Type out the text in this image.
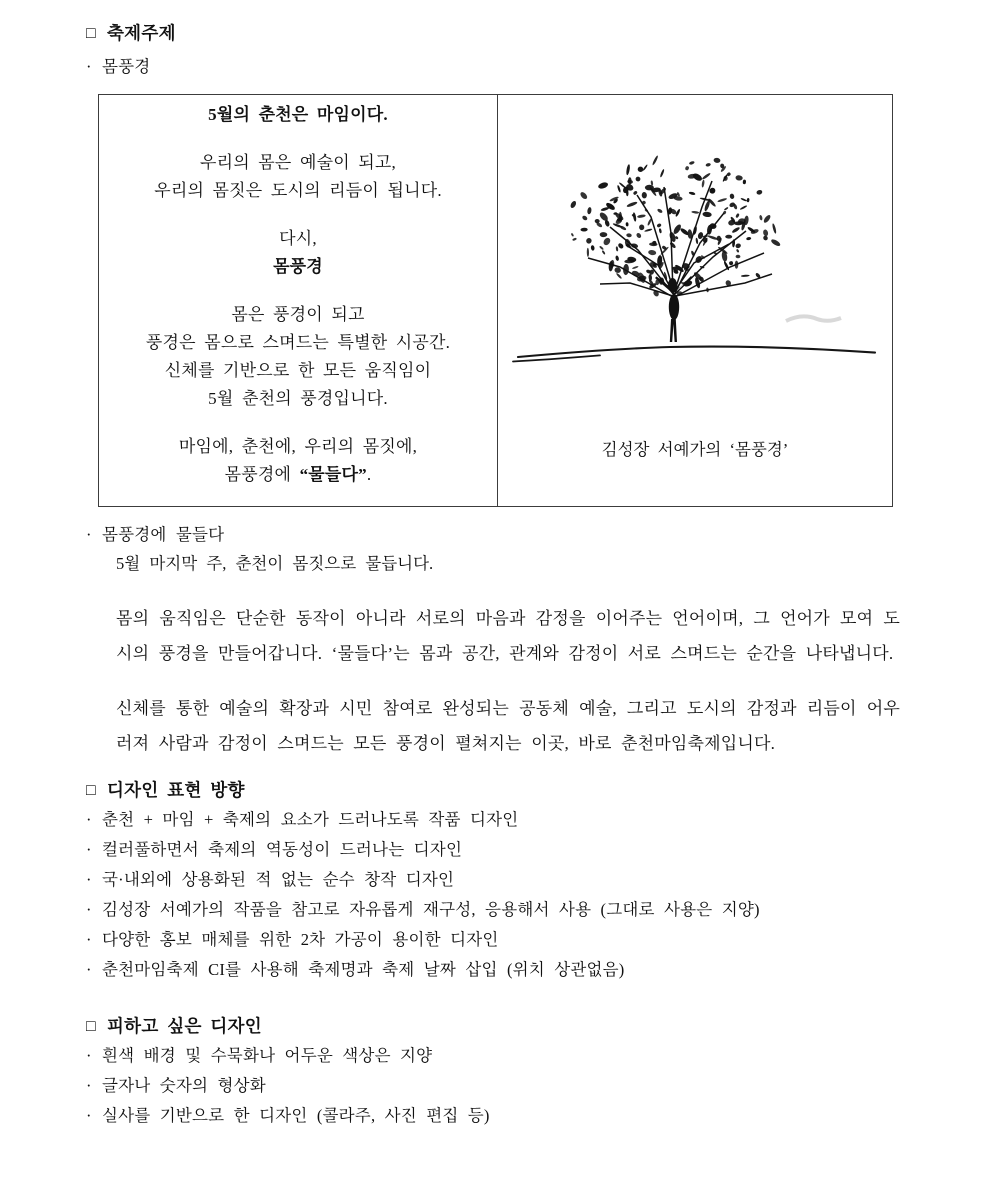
□ 축제주제
· 몸풍경
5월의 춘천은 마임이다.
우리의 몸은 예술이 되고,
우리의 몸짓은 도시의 리듬이 됩니다.
다시,
몸풍경
몸은 풍경이 되고
풍경은 몸으로 스며드는 특별한 시공간.
신체를 기반으로 한 모든 움직임이
5월 춘천의 풍경입니다.
마임에, 춘천에, 우리의 몸짓에,
몸풍경에 “물들다”.
김성장 서예가의 ‘몸풍경’
· 몸풍경에 물들다
5월 마지막 주, 춘천이 몸짓으로 물듭니다.

몸의 움직임은 단순한 동작이 아니라 서로의 마음과 감정을 이어주는 언어이며, 그 언어가 모여 도시의 풍경을 만들어갑니다. ‘물들다’는 몸과 공간, 관계와 감정이 서로 스며드는 순간을 나타냅니다.

신체를 통한 예술의 확장과 시민 참여로 완성되는 공동체 예술, 그리고 도시의 감정과 리듬이 어우러져 사람과 감정이 스며드는 모든 풍경이 펼쳐지는 이곳, 바로 춘천마임축제입니다.

□ 디자인 표현 방향
· 춘천 + 마임 + 축제의 요소가 드러나도록 작품 디자인
· 컬러풀하면서 축제의 역동성이 드러나는 디자인
· 국·내외에 상용화된 적 없는 순수 창작 디자인
· 김성장 서예가의 작품을 참고로 자유롭게 재구성, 응용해서 사용 (그대로 사용은 지양)
· 다양한 홍보 매체를 위한 2차 가공이 용이한 디자인
· 춘천마임축제 CI를 사용해 축제명과 축제 날짜 삽입 (위치 상관없음)
□ 피하고 싶은 디자인
· 흰색 배경 및 수묵화나 어두운 색상은 지양
· 글자나 숫자의 형상화
· 실사를 기반으로 한 디자인 (콜라주, 사진 편집 등)
